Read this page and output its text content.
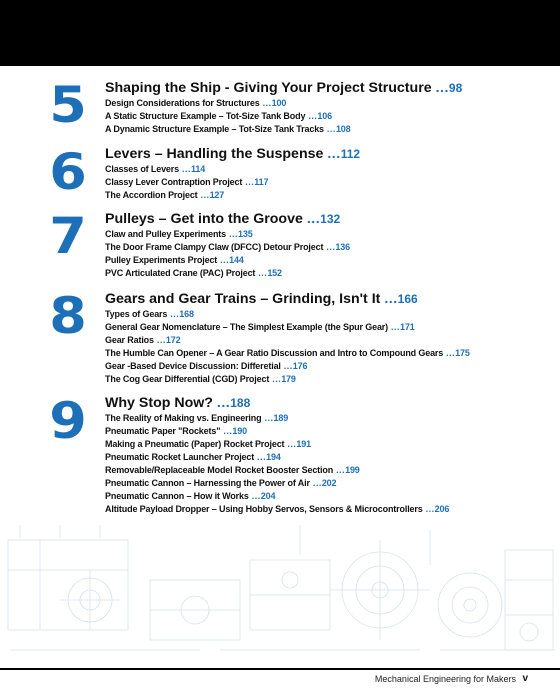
5	Shaping the Ship - Giving Your Project Structure ...98
Design Considerations for Structures ...100
A Static Structure Example – Tot-Size Tank Body ...106
A Dynamic Structure Example – Tot-Size Tank Tracks ...108
6	Levers – Handling the Suspense ...112
Classes of Levers ...114
Classy Lever Contraption Project ...117
The Accordion Project ...127
7	Pulleys – Get into the Groove ...132
Claw and Pulley Experiments ...135
The Door Frame Clampy Claw (DFCC) Detour Project ...136
Pulley Experiments Project ...144
PVC Articulated Crane (PAC) Project ...152
8	Gears and Gear Trains – Grinding, Isn't It ...166
Types of Gears ...168
General Gear Nomenclature – The Simplest Example (the Spur Gear) ...171
Gear Ratios ...172
The Humble Can Opener – A Gear Ratio Discussion and Intro to Compound Gears ...175
Gear -Based Device Discussion: Differetial ...176
The Cog Gear Differential (CGD) Project ...179
9	Why Stop Now? ...188
The Reality of Making vs. Engineering ...189
Pneumatic Paper "Rockets" ...190
Making a Pneumatic (Paper) Rocket Project ...191
Pneumatic Rocket Launcher Project ...194
Removable/Replaceable Model Rocket Booster Section ...199
Pneumatic Cannon – Harnessing the Power of Air ...202
Pneumatic Cannon – How it Works ...204
Altitude Payload Dropper – Using Hobby Servos, Sensors & Microcontrollers ...206
Mechanical Engineering for Makers v
